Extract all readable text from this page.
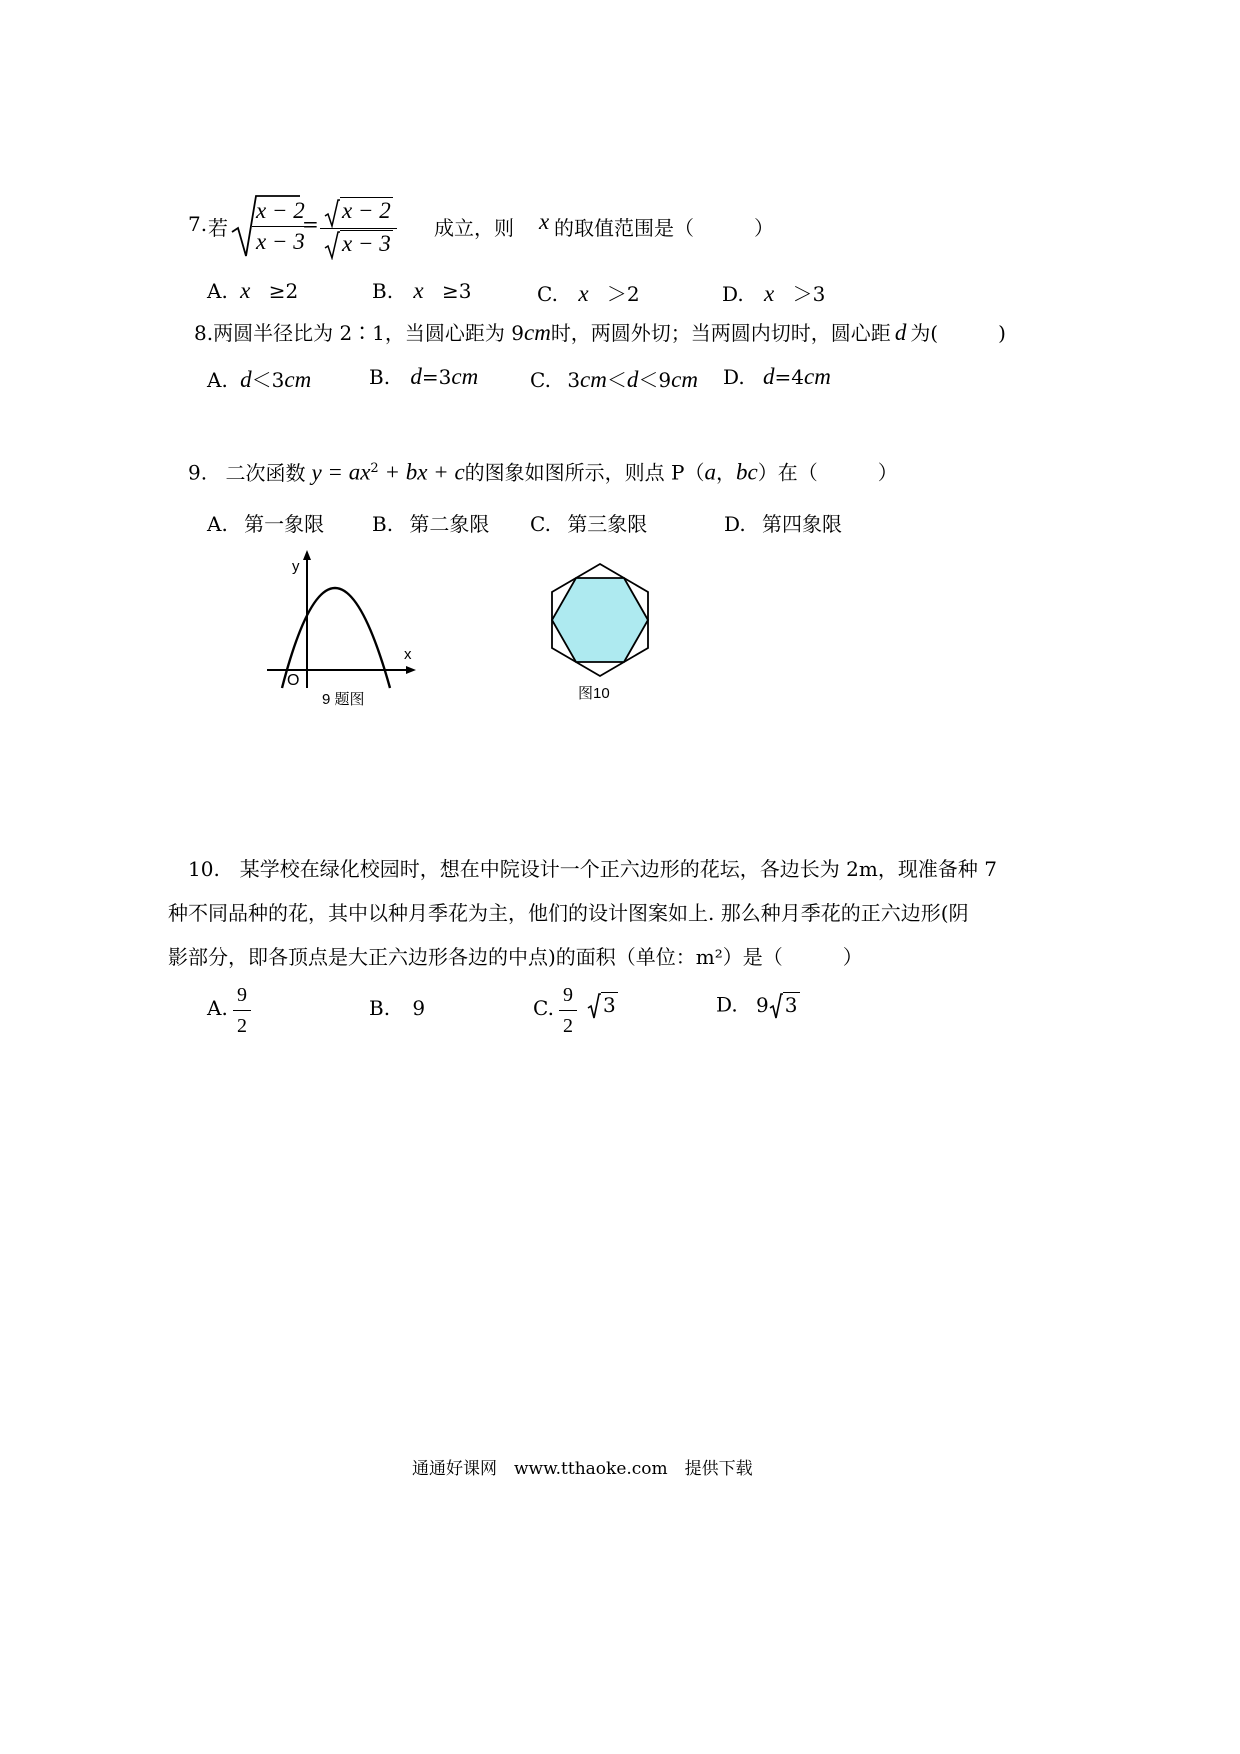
7. 若 $\frac{x - 2}{x - 3}$
= $\frac{x - 2}{x - 3}$ 成立，则 x 的取值范围是（　　　）
A. x ≥2	B. x ≥3	C. x ＞2	D. x ＞3
8.两圆半径比为 2∶1，当圆心距为 9cm时，两圆外切；当两圆内切时，圆心距 d 为(　　　)
A. d＜3cm	B. d=3cm	C. 3cm＜d＜9cm D. d=4cm
9. 二次函数 $y = ax^2$ + bx + c的图象如图所示，则点 P（a，bc）在（　　　）
A. 第一象限 B. 第二象限 C. 第三象限	D. 第四象限
y
x
O
9 题图	图10
10.　某学校在绿化校园时，想在中院设计一个正六边形的花坛，各边长为 2m，现准备种 7
种不同品种的花，其中以种月季花为主，他们的设计图案如上. 那么种月季花的正六边形(阴
影部分，即各顶点是大正六边形各边的中点)的面积（单位：m²）是（　　　）
A. $\frac{9}{2}$	B. 9	C. $\frac{9}{2}$	3	D. 9 3
通通好课网　www.tthaoke.com　提供下载
